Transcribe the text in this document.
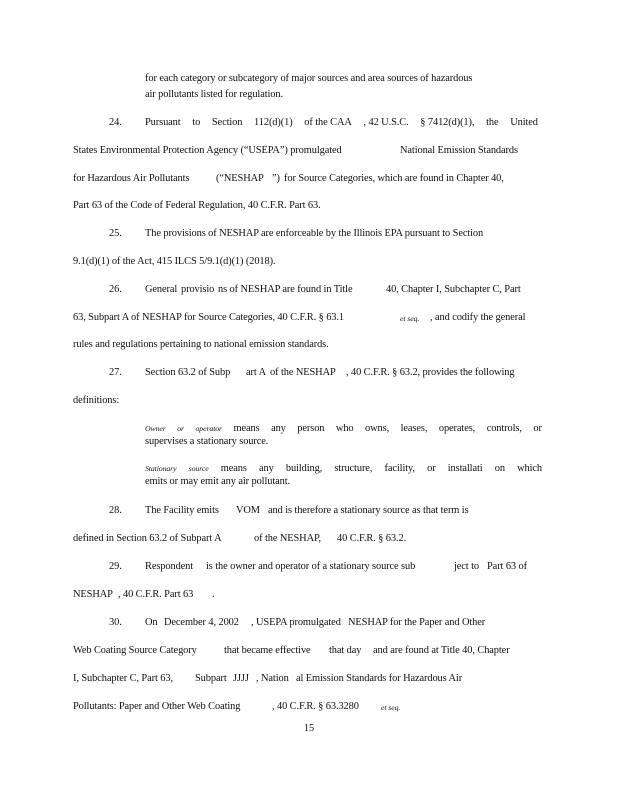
for each category or subcategory of major sources and area sources of hazardous
air pollutants listed for regulation.
24. Pursuant to Section 112(d)(1) of the CAA , 42 U.S.C. § 7412(d)(1), the United
States Environmental Protection Agency (“USEPA”) promulgated	National Emission Standards
for Hazardous Air Pollutants	(“NESHAP ”) for Source Categories, which are found in Chapter 40,
Part 63 of the Code of Federal Regulation, 40 C.F.R. Part 63.
25. The provisions of NESHAP are enforceable by the Illinois EPA pursuant to Section
9.1(d)(1) of the Act, 415 ILCS 5/9.1(d)(1) (2018).
26. General provisio ns of NESHAP are found in Title	40, Chapter I, Subchapter C, Part
63, Subpart A of NESHAP for Source Categories, 40 C.F.R. § 63.1	et seq. , and codify the general
rules and regulations pertaining to national emission standards.
27. Section 63.2 of Subp art A of the NESHAP , 40 C.F.R. § 63.2, provides the following
definitions:
Owner or operator means any person who owns, leases, operates, controls, or
supervises a stationary source.
Stationary source means any building, structure, facility, or installati on which
emits or may emit any air pollutant.
28. The Facility emits VOM and is therefore a stationary source as that term is
defined in Section 63.2 of Subpart A	of the NESHAP, 40 C.F.R. § 63.2.
29. Respondent is the owner and operator of a stationary source sub	ject to Part 63 of
NESHAP , 40 C.F.R. Part 63 .
30. On December 4, 2002 , USEPA promulgated NESHAP for the Paper and Other
Web Coating Source Category	that became effective that day and are found at Title 40, Chapter
I, Subchapter C, Part 63, Subpart JJJJ , Nation al Emission Standards for Hazardous Air
Pollutants: Paper and Other Web Coating	, 40 C.F.R. § 63.3280	et seq.
15
